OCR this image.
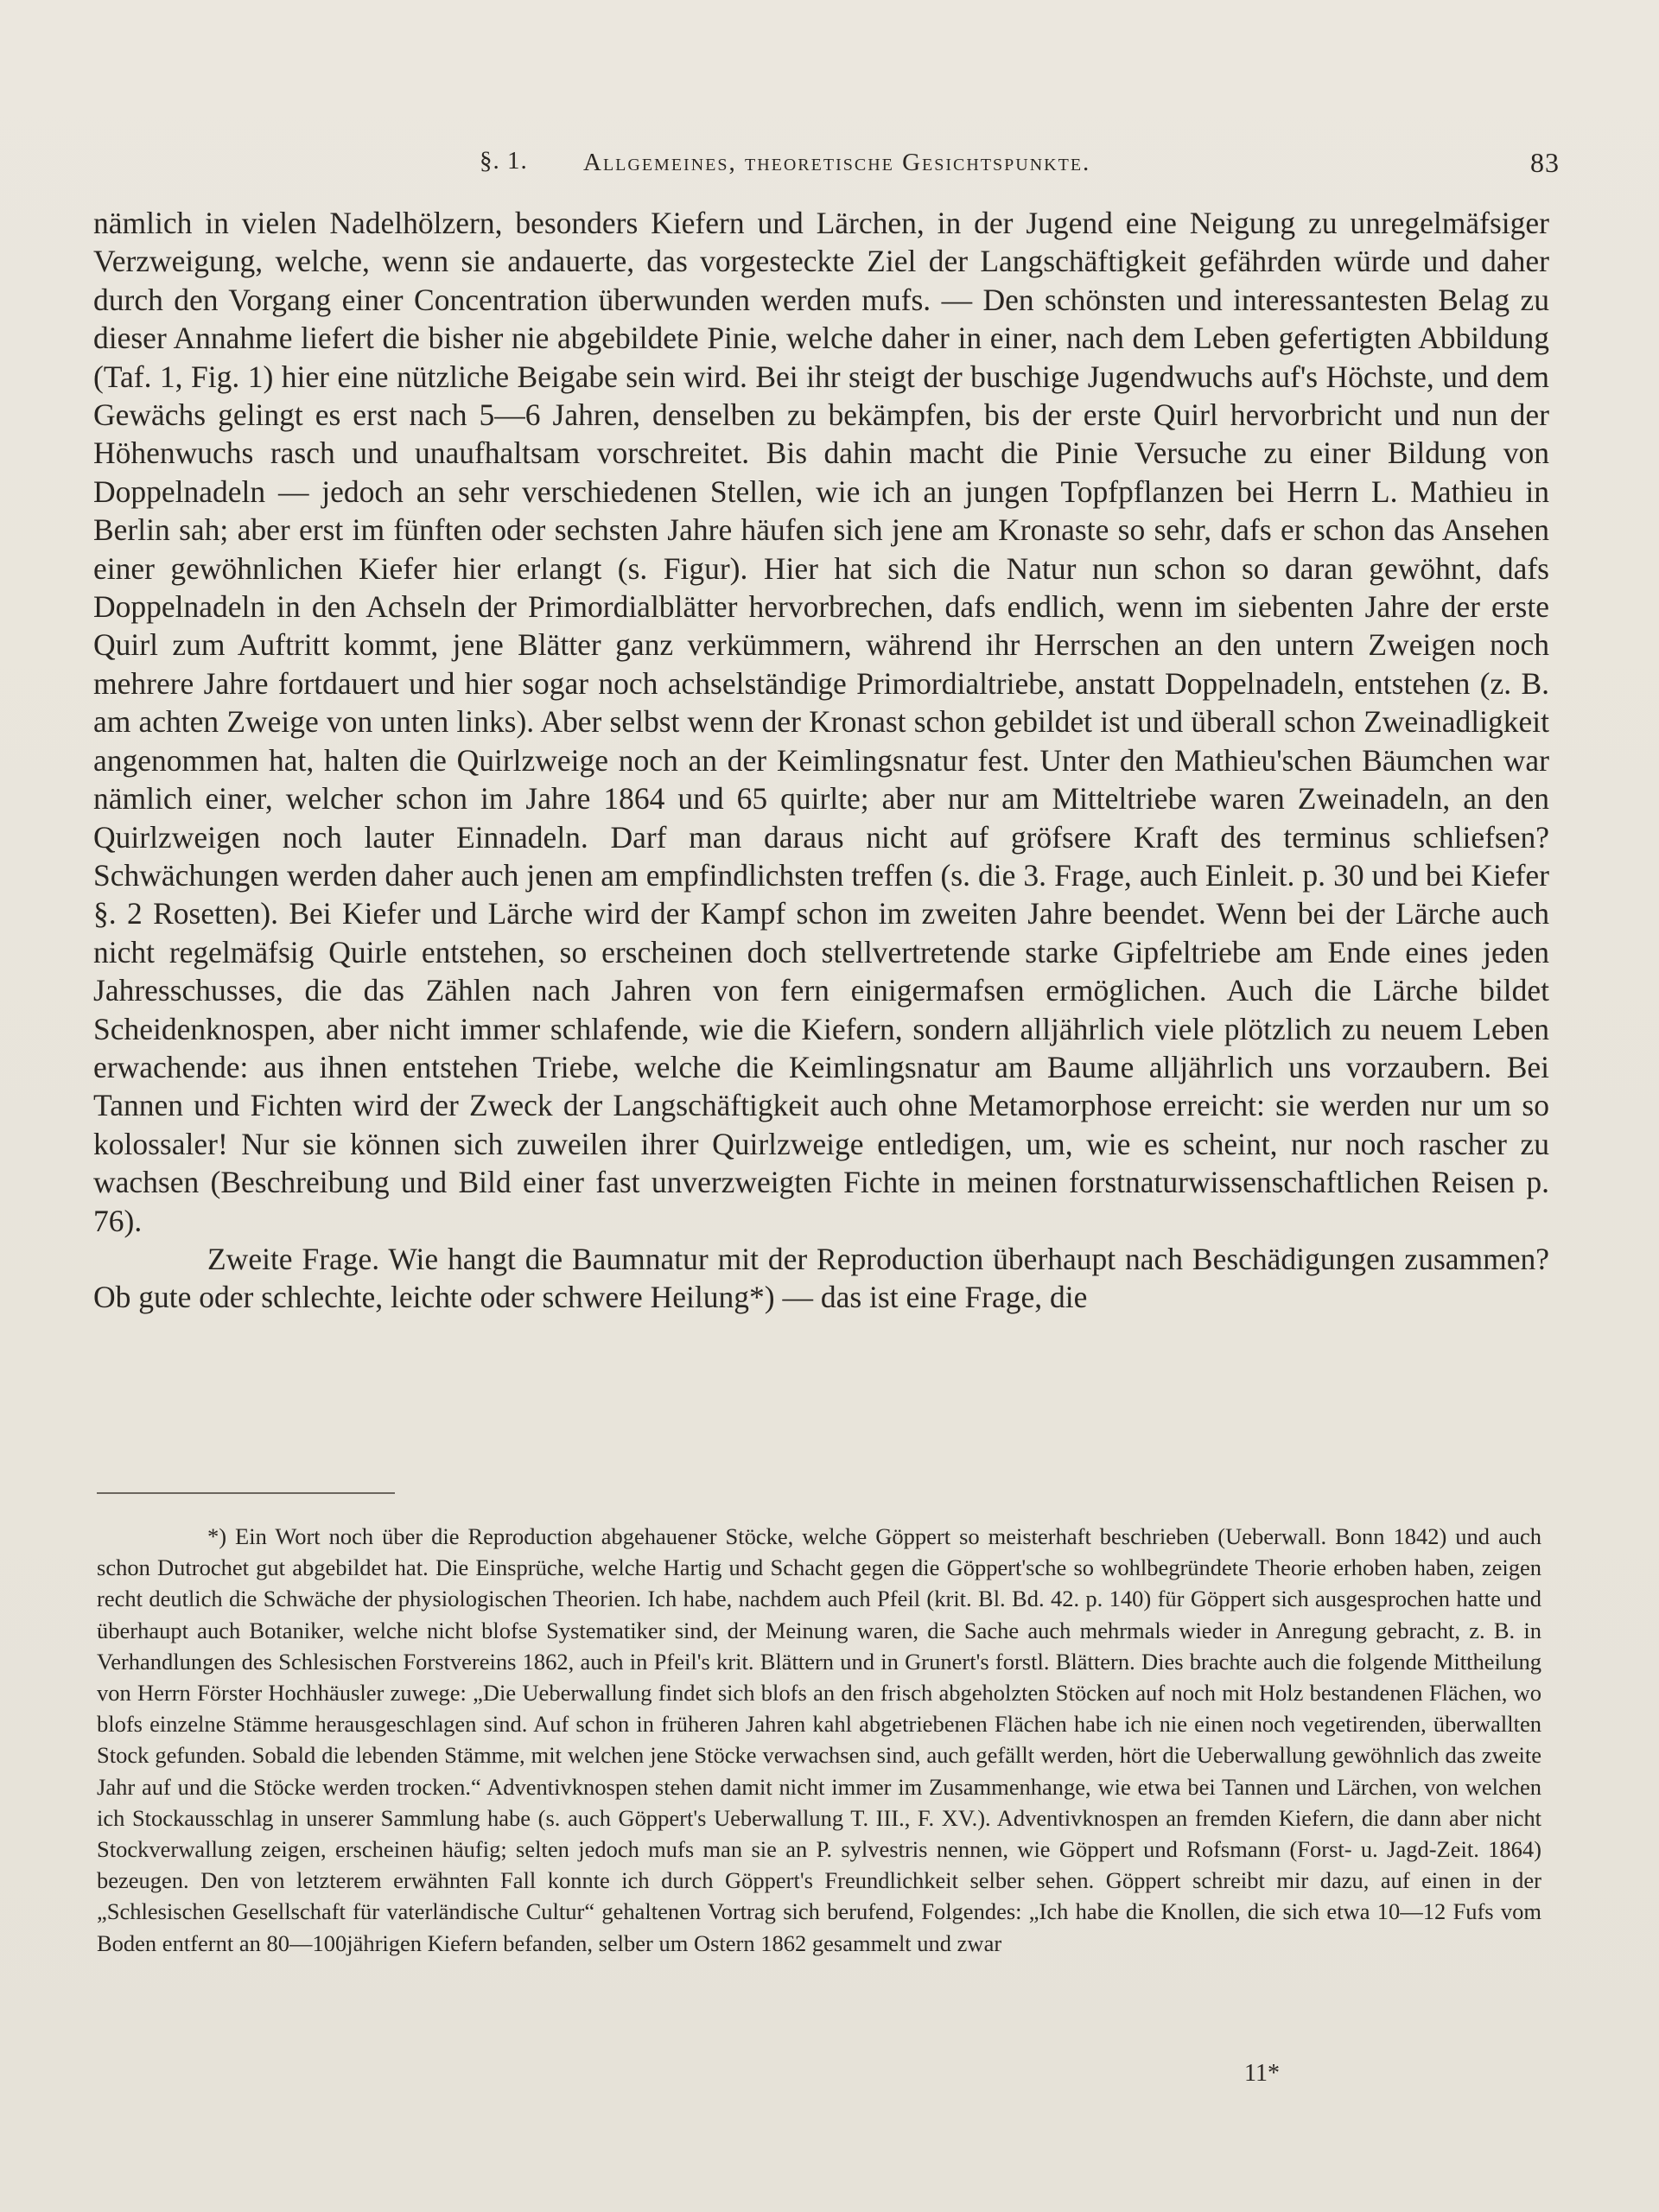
§. 1. Allgemeines, theoretische Gesichtspunkte.	83

nämlich in vielen Nadelhölzern, besonders Kiefern und Lärchen, in der Jugend eine Neigung zu unregelmäfsiger Verzweigung, welche, wenn sie andauerte, das vorgesteckte Ziel der Langschäftigkeit gefährden würde und daher durch den Vorgang einer Concentration überwunden werden mufs. — Den schönsten und interessantesten Belag zu dieser Annahme liefert die bisher nie abgebildete Pinie, welche daher in einer, nach dem Leben gefertigten Abbildung (Taf. 1, Fig. 1) hier eine nützliche Beigabe sein wird. Bei ihr steigt der buschige Jugendwuchs auf's Höchste, und dem Gewächs gelingt es erst nach 5—6 Jahren, denselben zu bekämpfen, bis der erste Quirl hervorbricht und nun der Höhenwuchs rasch und unaufhaltsam vorschreitet. Bis dahin macht die Pinie Versuche zu einer Bildung von Doppelnadeln — jedoch an sehr verschiedenen Stellen, wie ich an jungen Topfpflanzen bei Herrn L. Mathieu in Berlin sah; aber erst im fünften oder sechsten Jahre häufen sich jene am Kronaste so sehr, dafs er schon das Ansehen einer gewöhnlichen Kiefer hier erlangt (s. Figur). Hier hat sich die Natur nun schon so daran gewöhnt, dafs Doppelnadeln in den Achseln der Primordialblätter hervorbrechen, dafs endlich, wenn im siebenten Jahre der erste Quirl zum Auftritt kommt, jene Blätter ganz verkümmern, während ihr Herrschen an den untern Zweigen noch mehrere Jahre fortdauert und hier sogar noch achselständige Primordialtriebe, anstatt Doppelnadeln, entstehen (z. B. am achten Zweige von unten links). Aber selbst wenn der Kronast schon gebildet ist und überall schon Zweinadligkeit angenommen hat, halten die Quirlzweige noch an der Keimlingsnatur fest. Unter den Mathieu'schen Bäumchen war nämlich einer, welcher schon im Jahre 1864 und 65 quirlte; aber nur am Mitteltriebe waren Zweinadeln, an den Quirlzweigen noch lauter Einnadeln. Darf man daraus nicht auf gröfsere Kraft des terminus schliefsen? Schwächungen werden daher auch jenen am empfindlichsten treffen (s. die 3. Frage, auch Einleit. p. 30 und bei Kiefer §. 2 Rosetten). Bei Kiefer und Lärche wird der Kampf schon im zweiten Jahre beendet. Wenn bei der Lärche auch nicht regelmäfsig Quirle entstehen, so erscheinen doch stellvertretende starke Gipfeltriebe am Ende eines jeden Jahresschusses, die das Zählen nach Jahren von fern einigermafsen ermöglichen. Auch die Lärche bildet Scheidenknospen, aber nicht immer schlafende, wie die Kiefern, sondern alljährlich viele plötzlich zu neuem Leben erwachende: aus ihnen entstehen Triebe, welche die Keimlingsnatur am Baume alljährlich uns vorzaubern. Bei Tannen und Fichten wird der Zweck der Langschäftigkeit auch ohne Metamorphose erreicht: sie werden nur um so kolossaler! Nur sie können sich zuweilen ihrer Quirlzweige entledigen, um, wie es scheint, nur noch rascher zu wachsen (Beschreibung und Bild einer fast unverzweigten Fichte in meinen forstnaturwissenschaftlichen Reisen p. 76).

Zweite Frage. Wie hangt die Baumnatur mit der Reproduction überhaupt nach Beschädigungen zusammen? Ob gute oder schlechte, leichte oder schwere Heilung*) — das ist eine Frage, die

*) Ein Wort noch über die Reproduction abgehauener Stöcke, welche Göppert so meisterhaft beschrieben (Ueberwall. Bonn 1842) und auch schon Dutrochet gut abgebildet hat. Die Einsprüche, welche Hartig und Schacht gegen die Göppert'sche so wohlbegründete Theorie erhoben haben, zeigen recht deutlich die Schwäche der physiologischen Theorien. Ich habe, nachdem auch Pfeil (krit. Bl. Bd. 42. p. 140) für Göppert sich ausgesprochen hatte und überhaupt auch Botaniker, welche nicht blofse Systematiker sind, der Meinung waren, die Sache auch mehrmals wieder in Anregung gebracht, z. B. in Verhandlungen des Schlesischen Forstvereins 1862, auch in Pfeil's krit. Blättern und in Grunert's forstl. Blättern. Dies brachte auch die folgende Mittheilung von Herrn Förster Hochhäusler zuwege: „Die Ueberwallung findet sich blofs an den frisch abgeholzten Stöcken auf noch mit Holz bestandenen Flächen, wo blofs einzelne Stämme herausgeschlagen sind. Auf schon in früheren Jahren kahl abgetriebenen Flächen habe ich nie einen noch vegetirenden, überwallten Stock gefunden. Sobald die lebenden Stämme, mit welchen jene Stöcke verwachsen sind, auch gefällt werden, hört die Ueberwallung gewöhnlich das zweite Jahr auf und die Stöcke werden trocken.“ Adventivknospen stehen damit nicht immer im Zusammenhange, wie etwa bei Tannen und Lärchen, von welchen ich Stockausschlag in unserer Sammlung habe (s. auch Göppert's Ueberwallung T. III., F. XV.). Adventivknospen an fremden Kiefern, die dann aber nicht Stockverwallung zeigen, erscheinen häufig; selten jedoch mufs man sie an P. sylvestris nennen, wie Göppert und Rofsmann (Forst- u. Jagd-Zeit. 1864) bezeugen. Den von letzterem erwähnten Fall konnte ich durch Göppert's Freundlichkeit selber sehen. Göppert schreibt mir dazu, auf einen in der „Schlesischen Gesellschaft für vaterländische Cultur“ gehaltenen Vortrag sich berufend, Folgendes: „Ich habe die Knollen, die sich etwa 10—12 Fufs vom Boden entfernt an 80—100jährigen Kiefern befanden, selber um Ostern 1862 gesammelt und zwar

11*
